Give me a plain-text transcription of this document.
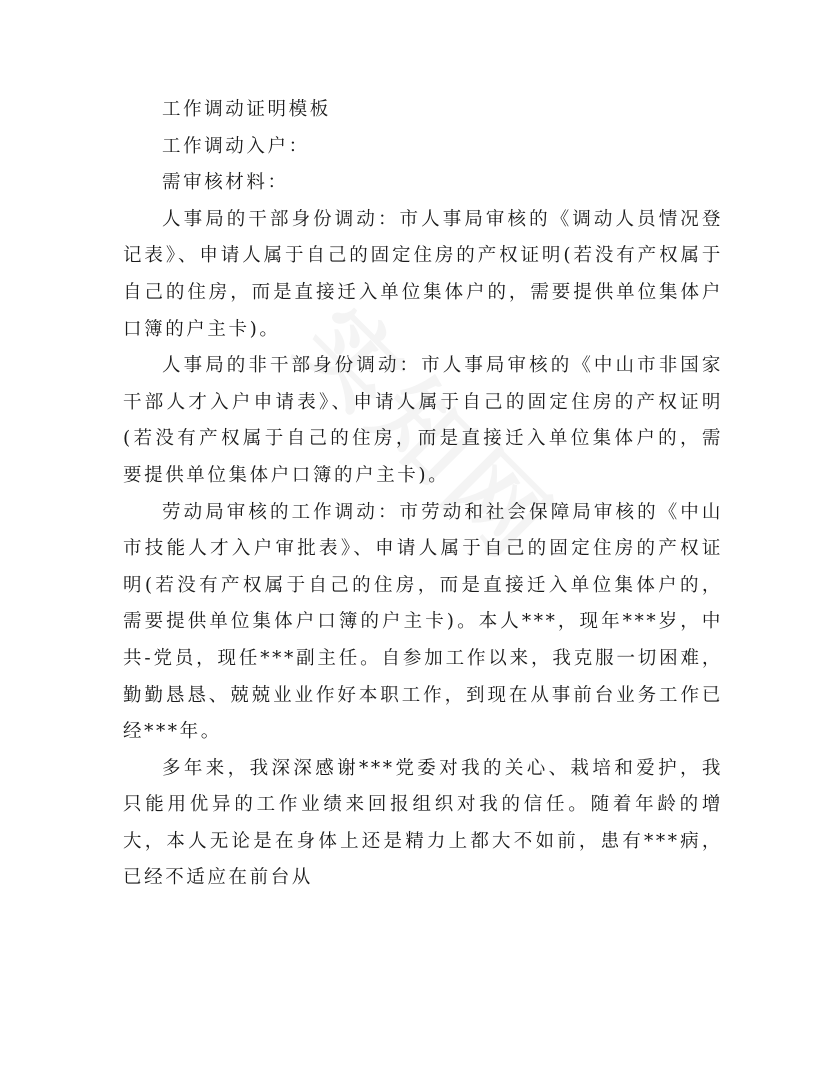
工作调动证明模板

工作调动入户：

需审核材料：

人事局的干部身份调动：市人事局审核的《调动人员情况登记表》、申请人属于自己的固定住房的产权证明(若没有产权属于自己的住房，而是直接迁入单位集体户的，需要提供单位集体户口簿的户主卡)。

人事局的非干部身份调动：市人事局审核的《中山市非国家干部人才入户申请表》、申请人属于自己的固定住房的产权证明(若没有产权属于自己的住房，而是直接迁入单位集体户的，需要提供单位集体户口簿的户主卡)。

劳动局审核的工作调动：市劳动和社会保障局审核的《中山市技能人才入户审批表》、申请人属于自己的固定住房的产权证明(若没有产权属于自己的住房，而是直接迁入单位集体户的，需要提供单位集体户口簿的户主卡)。本人***，现年***岁，中共-党员，现任***副主任。自参加工作以来，我克服一切困难，勤勤恳恳、兢兢业业作好本职工作，到现在从事前台业务工作已经***年。

多年来，我深深感谢***党委对我的关心、栽培和爱护，我只能用优异的工作业绩来回报组织对我的信任。随着年龄的增大，本人无论是在身体上还是精力上都大不如前，患有***病，已经不适应在前台从
